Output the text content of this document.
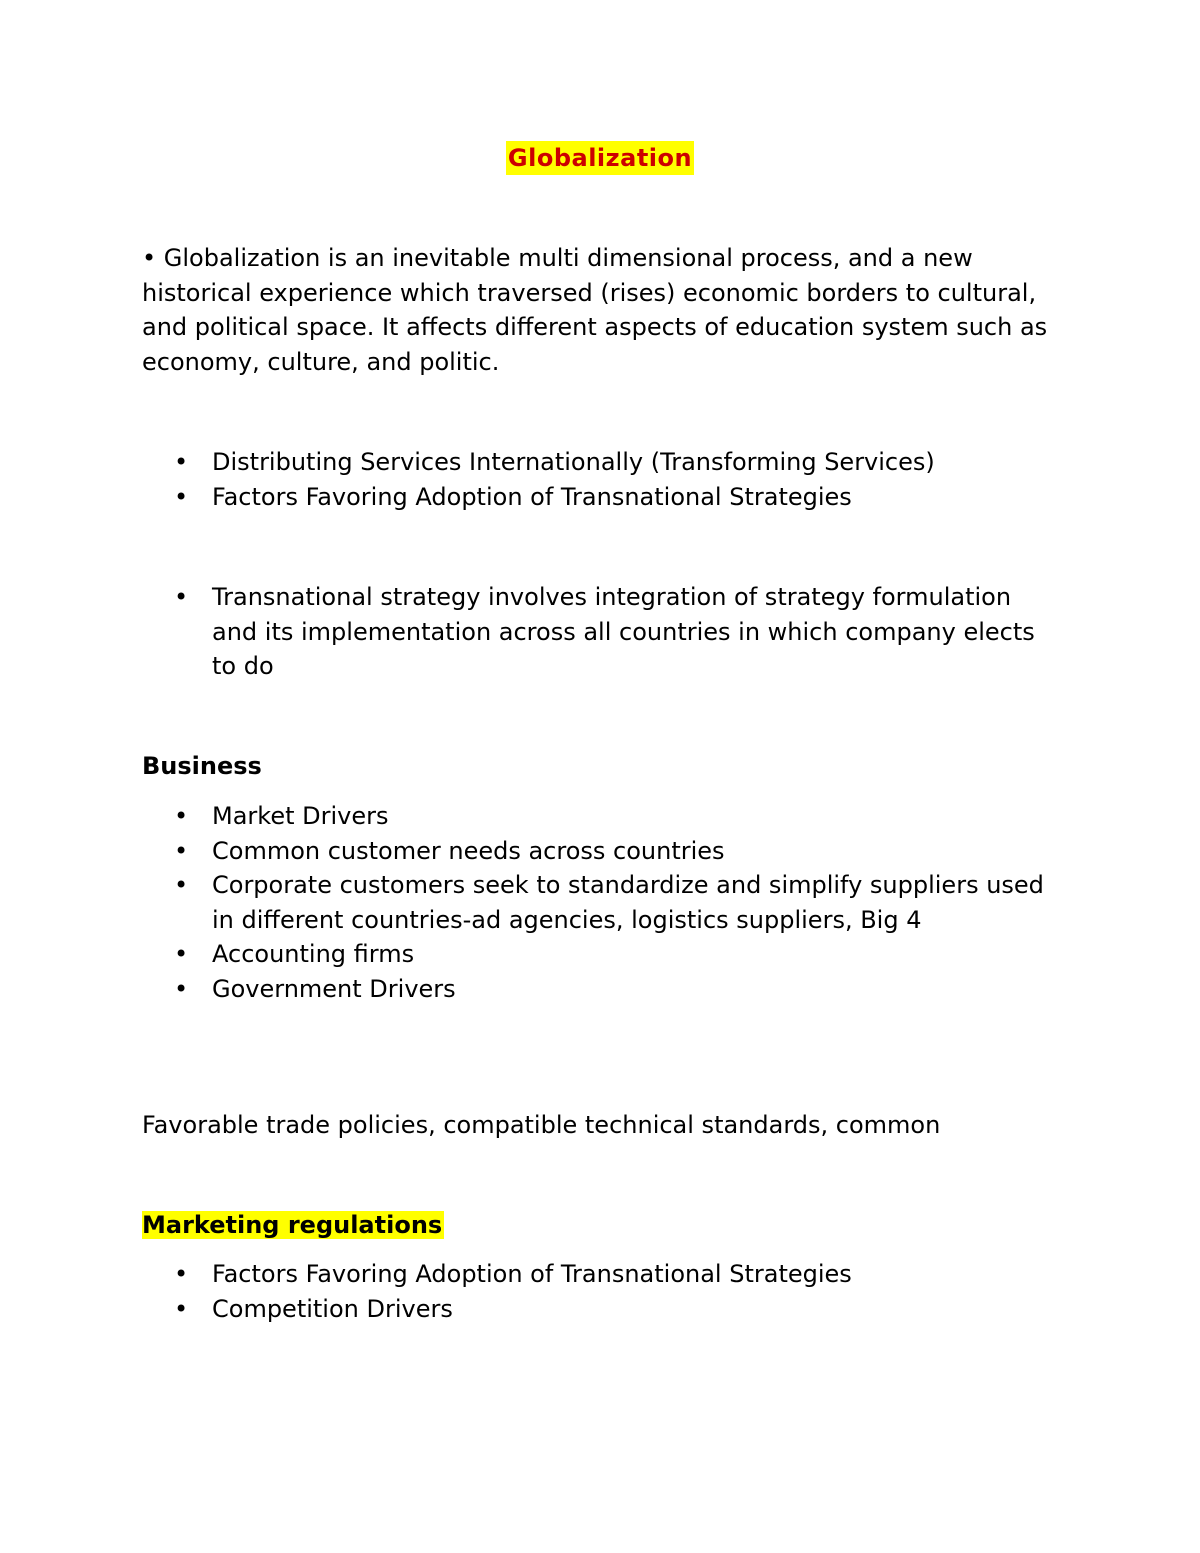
Globalization

• Globalization is an inevitable multi dimensional process, and a new historical experience which traversed (rises) economic borders to cultural, and political space. It affects different aspects of education system such as economy, culture, and politic.

• Distributing Services Internationally (Transforming Services)
• Factors Favoring Adoption of Transnational Strategies
• Transnational strategy involves integration of strategy formulation and its implementation across all countries in which company elects to do
Business
• Market Drivers
• Common customer needs across countries
• Corporate customers seek to standardize and simplify suppliers used in different countries-ad agencies, logistics suppliers, Big 4
• Accounting firms
• Government Drivers

Favorable trade policies, compatible technical standards, common

Marketing regulations
• Factors Favoring Adoption of Transnational Strategies
• Competition Drivers
